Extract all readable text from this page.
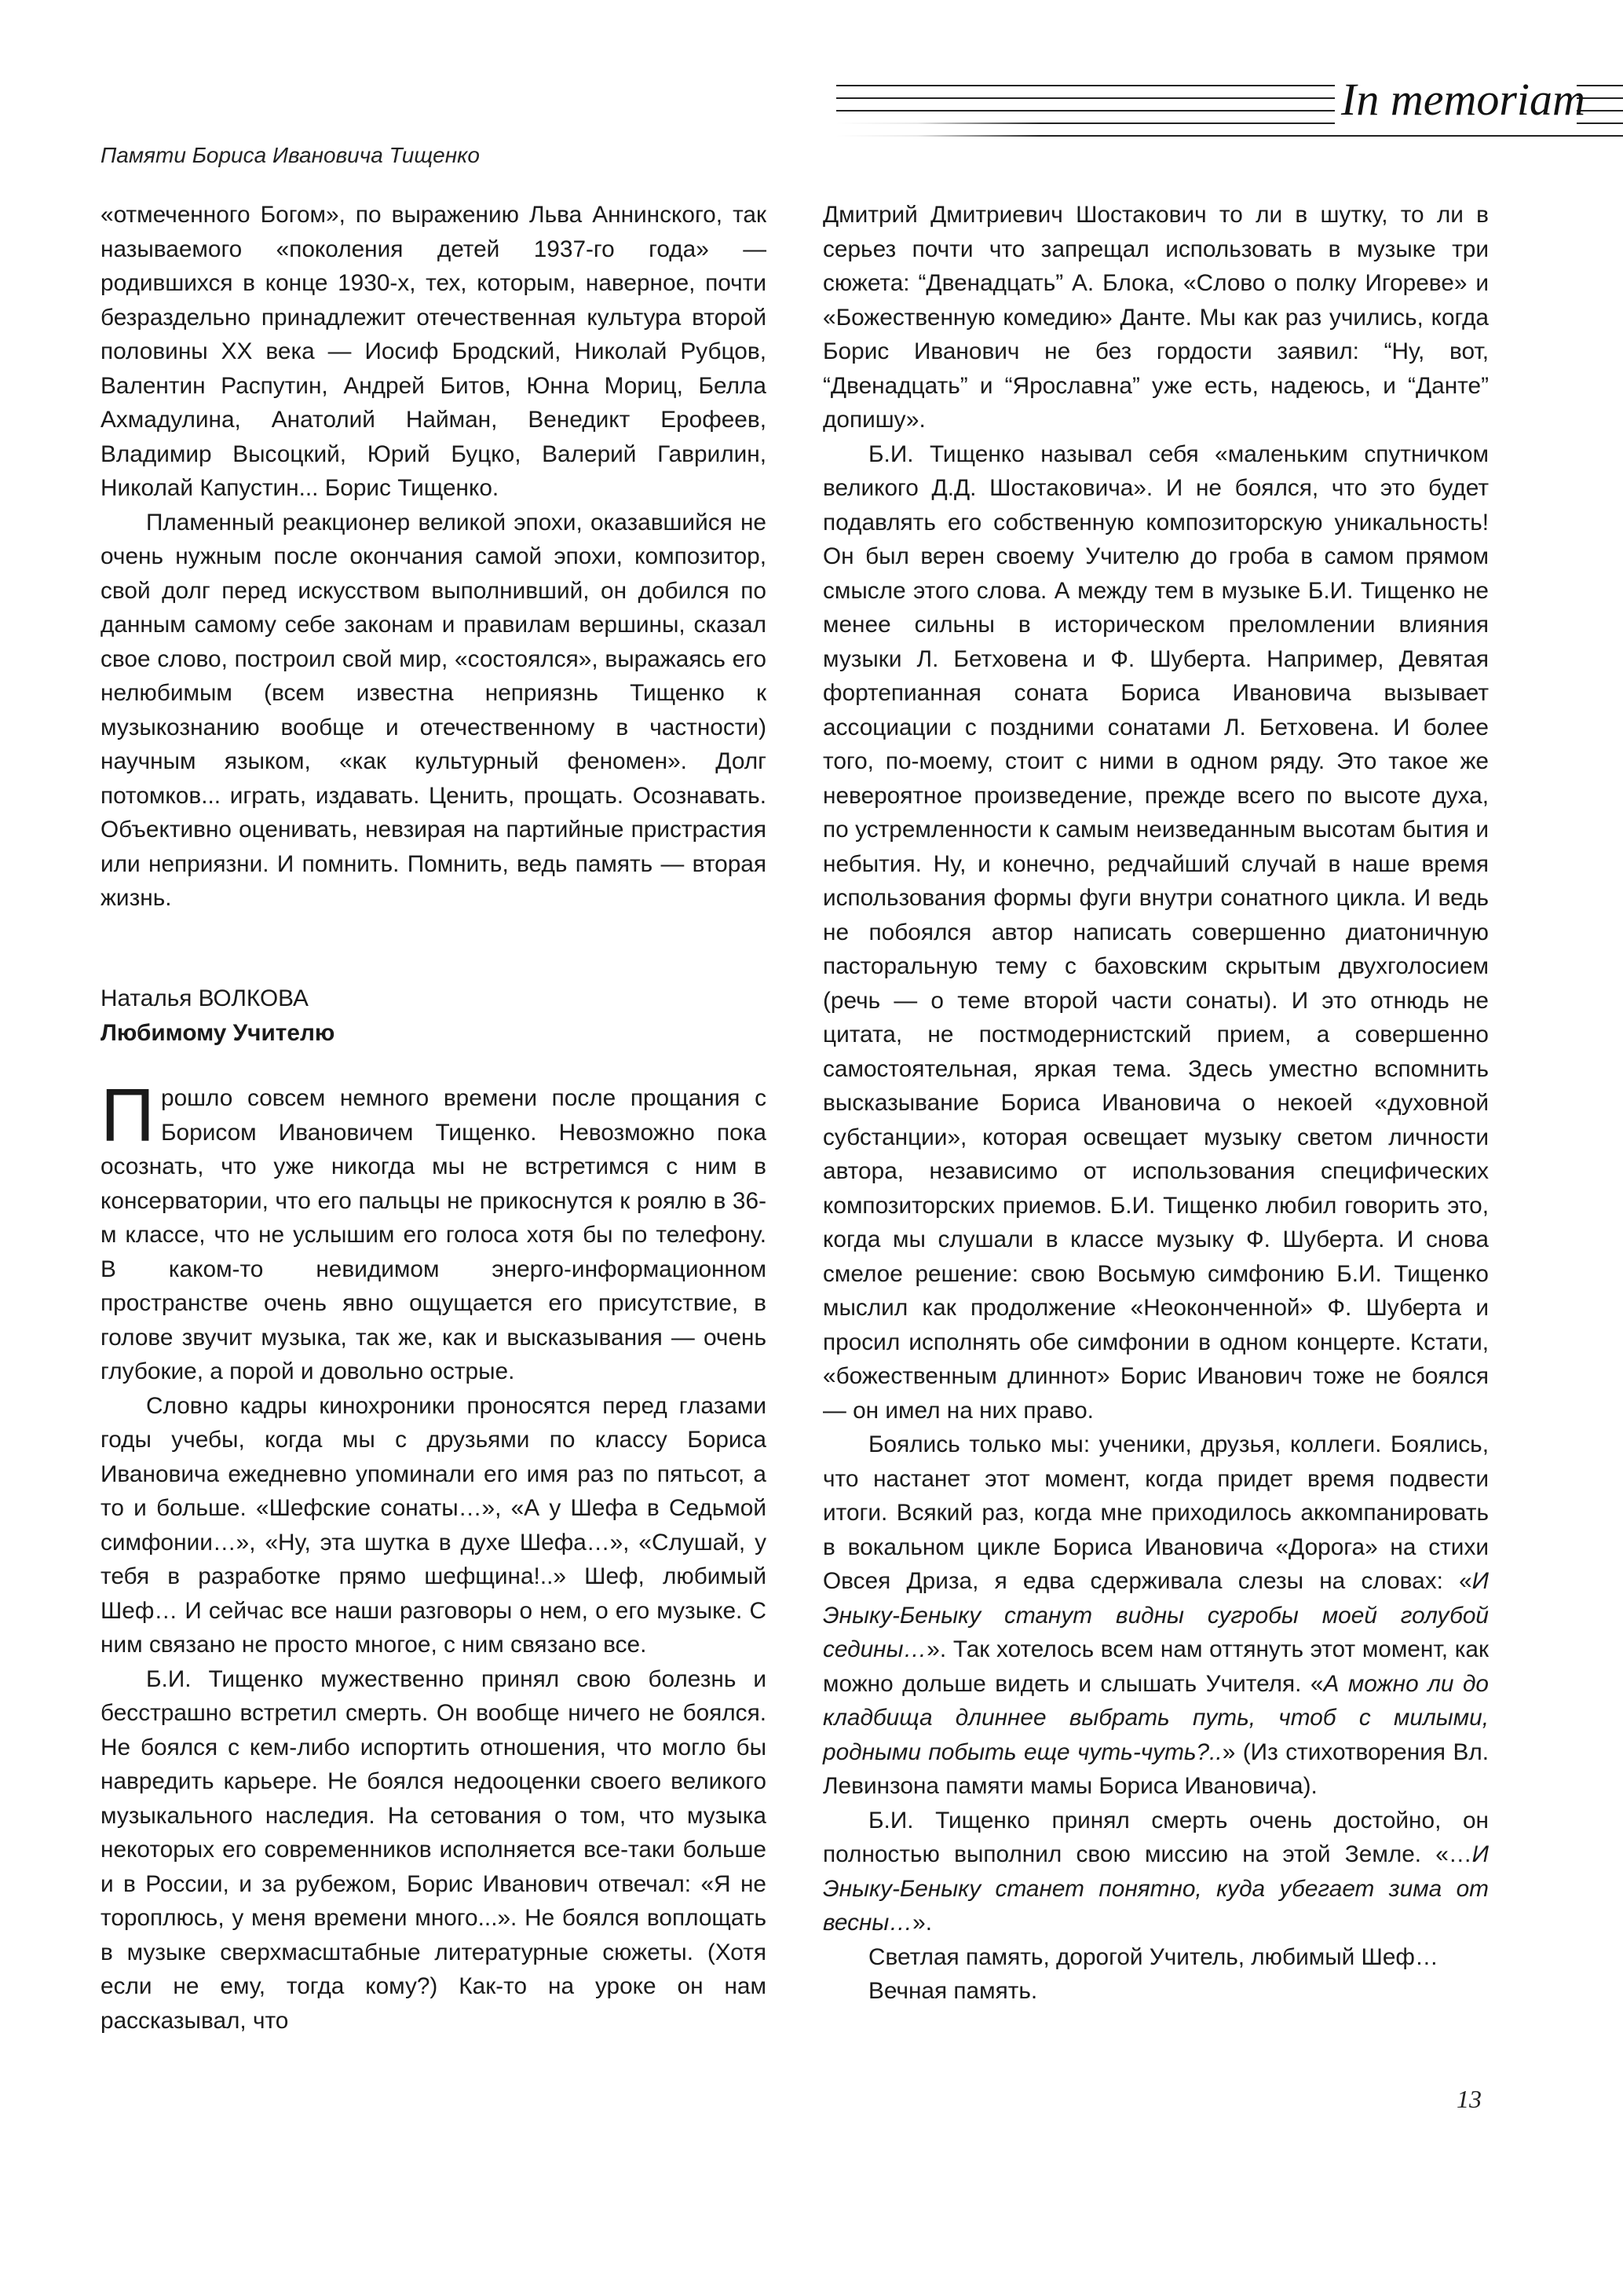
In memoriam
Памяти Бориса Ивановича Тищенко

«отмеченного Богом», по выражению Льва Аннинского, так называемого «поколения детей 1937-го года» — родившихся в конце 1930-х, тех, которым, наверное, почти безраздельно принадлежит отечественная культура второй половины XX века — Иосиф Бродский, Николай Рубцов, Валентин Распутин, Андрей Битов, Юнна Мориц, Белла Ахмадулина, Анатолий Найман, Венедикт Ерофеев, Владимир Высоцкий, Юрий Буцко, Валерий Гаврилин, Николай Капустин... Борис Тищенко.

Пламенный реакционер великой эпохи, оказавшийся не очень нужным после окончания самой эпохи, композитор, свой долг перед искусством выполнивший, он добился по данным самому себе законам и правилам вершины, сказал свое слово, построил свой мир, «состоялся», выражаясь его нелюбимым (всем известна неприязнь Тищенко к музыкознанию вообще и отечественному в частности) научным языком, «как культурный феномен». Долг потомков... играть, издавать. Ценить, прощать. Осознавать. Объективно оценивать, невзирая на партийные пристрастия или неприязни. И помнить. Помнить, ведь память — вторая жизнь.

Наталья ВОЛКОВА

Любимому Учителю

Прошло совсем немного времени после прощания с Борисом Ивановичем Тищенко. Невозможно пока осознать, что уже никогда мы не встретимся с ним в консерватории, что его пальцы не прикоснутся к роялю в 36-м классе, что не услышим его голоса хотя бы по телефону. В каком-то невидимом энерго-информационном пространстве очень явно ощущается его присутствие, в голове звучит музыка, так же, как и высказывания — очень глубокие, а порой и довольно острые.

Словно кадры кинохроники проносятся перед глазами годы учебы, когда мы с друзьями по классу Бориса Ивановича ежедневно упоминали его имя раз по пятьсот, а то и больше. «Шефские сонаты…», «А у Шефа в Седьмой симфонии…», «Ну, эта шутка в духе Шефа…», «Слушай, у тебя в разработке прямо шефщина!..» Шеф, любимый Шеф… И сейчас все наши разговоры о нем, о его музыке. С ним связано не просто многое, с ним связано все.

Б.И. Тищенко мужественно принял свою болезнь и бесстрашно встретил смерть. Он вообще ничего не боялся. Не боялся с кем-либо испортить отношения, что могло бы навредить карьере. Не боялся недооценки своего великого музыкального наследия. На сетования о том, что музыка некоторых его современников исполняется все-таки больше и в России, и за рубежом, Борис Иванович отвечал: «Я не тороплюсь, у меня времени много...». Не боялся воплощать в музыке сверхмасштабные литературные сюжеты. (Хотя если не ему, тогда кому?) Как-то на уроке он нам рассказывал, что

Дмитрий Дмитриевич Шостакович то ли в шутку, то ли в серьез почти что запрещал использовать в музыке три сюжета: “Двенадцать” А. Блока, «Слово о полку Игореве» и «Божественную комедию» Данте. Мы как раз учились, когда Борис Иванович не без гордости заявил: “Ну, вот, “Двенадцать” и “Ярославна” уже есть, надеюсь, и “Данте” допишу».

Б.И. Тищенко называл себя «маленьким спутничком великого Д.Д. Шостаковича». И не боялся, что это будет подавлять его собственную композиторскую уникальность! Он был верен своему Учителю до гроба в самом прямом смысле этого слова. А между тем в музыке Б.И. Тищенко не менее сильны в историческом преломлении влияния музыки Л. Бетховена и Ф. Шуберта. Например, Девятая фортепианная соната Бориса Ивановича вызывает ассоциации с поздними сонатами Л. Бетховена. И более того, по-моему, стоит с ними в одном ряду. Это такое же невероятное произведение, прежде всего по высоте духа, по устремленности к самым неизведанным высотам бытия и небытия. Ну, и конечно, редчайший случай в наше время использования формы фуги внутри сонатного цикла. И ведь не побоялся автор написать совершенно диатоничную пасторальную тему с баховским скрытым двухголосием (речь — о теме второй части сонаты). И это отнюдь не цитата, не постмодернистский прием, а совершенно самостоятельная, яркая тема. Здесь уместно вспомнить высказывание Бориса Ивановича о некоей «духовной субстанции», которая освещает музыку светом личности автора, независимо от использования специфических композиторских приемов. Б.И. Тищенко любил говорить это, когда мы слушали в классе музыку Ф. Шуберта. И снова смелое решение: свою Восьмую симфонию Б.И. Тищенко мыслил как продолжение «Неоконченной» Ф. Шуберта и просил исполнять обе симфонии в одном концерте. Кстати, «божественным длиннот» Борис Иванович тоже не боялся — он имел на них право.

Боялись только мы: ученики, друзья, коллеги. Боялись, что настанет этот момент, когда придет время подвести итоги. Всякий раз, когда мне приходилось аккомпанировать в вокальном цикле Бориса Ивановича «Дорога» на стихи Овсея Дриза, я едва сдерживала слезы на словах: «И Эныку-Беныку станут видны сугробы моей голубой седины…». Так хотелось всем нам оттянуть этот момент, как можно дольше видеть и слышать Учителя. «А можно ли до кладбища длиннее выбрать путь, чтоб с милыми, родными побыть еще чуть-чуть?..» (Из стихотворения Вл. Левинзона памяти мамы Бориса Ивановича).

Б.И. Тищенко принял смерть очень достойно, он полностью выполнил свою миссию на этой Земле. «…И Эныку-Беныку станет понятно, куда убегает зима от весны…».

Светлая память, дорогой Учитель, любимый Шеф…

Вечная память.

13
